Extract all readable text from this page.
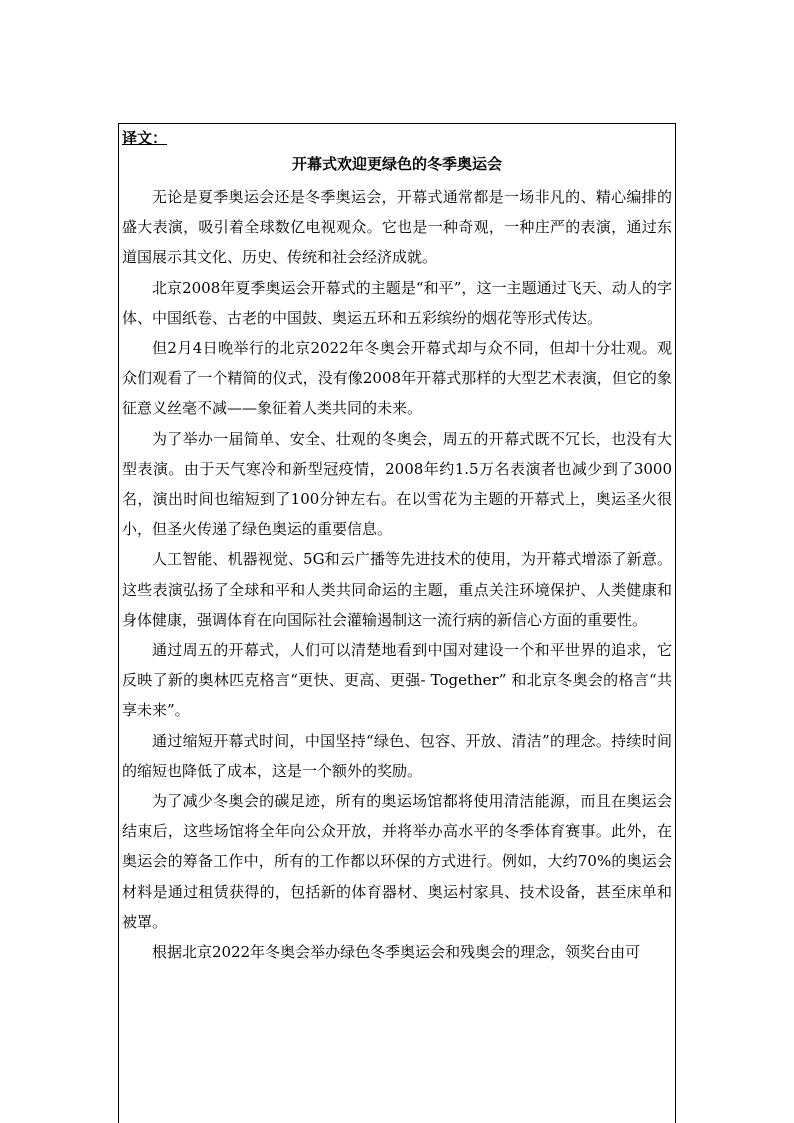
译文：
开幕式欢迎更绿色的冬季奥运会

无论是夏季奥运会还是冬季奥运会，开幕式通常都是一场非凡的、精心编排的盛大表演，吸引着全球数亿电视观众。它也是一种奇观，一种庄严的表演，通过东道国展示其文化、历史、传统和社会经济成就。

北京2008年夏季奥运会开幕式的主题是“和平”，这一主题通过飞天、动人的字体、中国纸卷、古老的中国鼓、奥运五环和五彩缤纷的烟花等形式传达。

但2月4日晚举行的北京2022年冬奥会开幕式却与众不同，但却十分壮观。观众们观看了一个精简的仪式，没有像2008年开幕式那样的大型艺术表演，但它的象征意义丝毫不减——象征着人类共同的未来。

为了举办一届简单、安全、壮观的冬奥会，周五的开幕式既不冗长，也没有大型表演。由于天气寒冷和新型冠疫情，2008年约1.5万名表演者也减少到了3000名，演出时间也缩短到了100分钟左右。在以雪花为主题的开幕式上，奥运圣火很小，但圣火传递了绿色奥运的重要信息。

人工智能、机器视觉、5G和云广播等先进技术的使用，为开幕式增添了新意。这些表演弘扬了全球和平和人类共同命运的主题，重点关注环境保护、人类健康和身体健康，强调体育在向国际社会灌输遏制这一流行病的新信心方面的重要性。

通过周五的开幕式，人们可以清楚地看到中国对建设一个和平世界的追求，它反映了新的奥林匹克格言“更快、更高、更强- Together” 和北京冬奥会的格言“共享未来”。

通过缩短开幕式时间，中国坚持“绿色、包容、开放、清洁”的理念。持续时间的缩短也降低了成本，这是一个额外的奖励。

为了减少冬奥会的碳足迹，所有的奥运场馆都将使用清洁能源，而且在奥运会结束后，这些场馆将全年向公众开放，并将举办高水平的冬季体育赛事。此外，在奥运会的筹备工作中，所有的工作都以环保的方式进行。例如，大约70%的奥运会材料是通过租赁获得的，包括新的体育器材、奥运村家具、技术设备，甚至床单和被罩。

根据北京2022年冬奥会举办绿色冬季奥运会和残奥会的理念，领奖台由可
